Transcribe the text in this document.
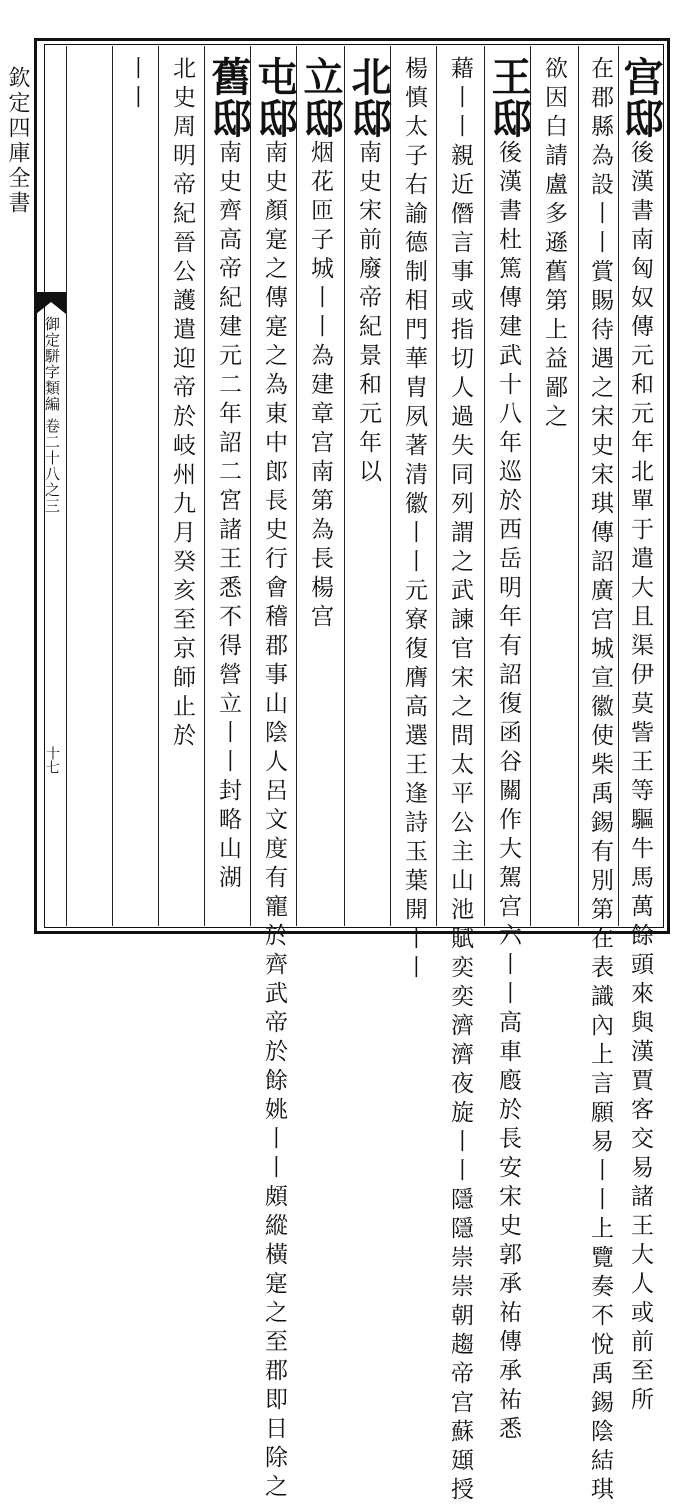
欽定四庫全書
御定駢字類編 卷二十八之三
十七
宫邸後漢書南匈奴傳元和元年北單于遣大且渠伊莫訾王等驅牛馬萬餘頭來與漢賈客交易諸王大人或前至所
在郡縣為設丨丨賞賜待遇之宋史宋琪傳詔廣宫城宣徽使柴禹錫有別第在表識內上言願易丨丨上覽奏不悅禹錫陰結琪
欲因白請盧多遜舊第上益鄙之
王邸後漢書杜篤傳建武十八年巡於西岳明年有詔復函谷關作大駕宫六丨丨高車廏於長安宋史郭承祐傳承祐悉
藉丨丨親近僭言事或指切人過失同列謂之武諫官宋之問太平公主山池賦奕奕濟濟夜旋丨丨隱隱崇崇朝趨帝宫蘇頲授
楊慎太子右諭德制相門華胄夙著清徽丨丨元寮復膺高選王逢詩玉葉開丨丨
北邸南史宋前廢帝紀景和元年以
立邸烟花匝子城丨丨為建章宫南第為長楊宫
屯邸南史顏寔之傳寔之為東中郎長史行會稽郡事山陰人呂文度有寵於齊武帝於餘姚丨丨頗縱橫寔之至郡即日除之
舊邸南史齊高帝紀建元二年詔二宮諸王悉不得營立丨丨封略山湖
北史周明帝紀晉公護遣迎帝於岐州九月癸亥至京師止於
丨丨
